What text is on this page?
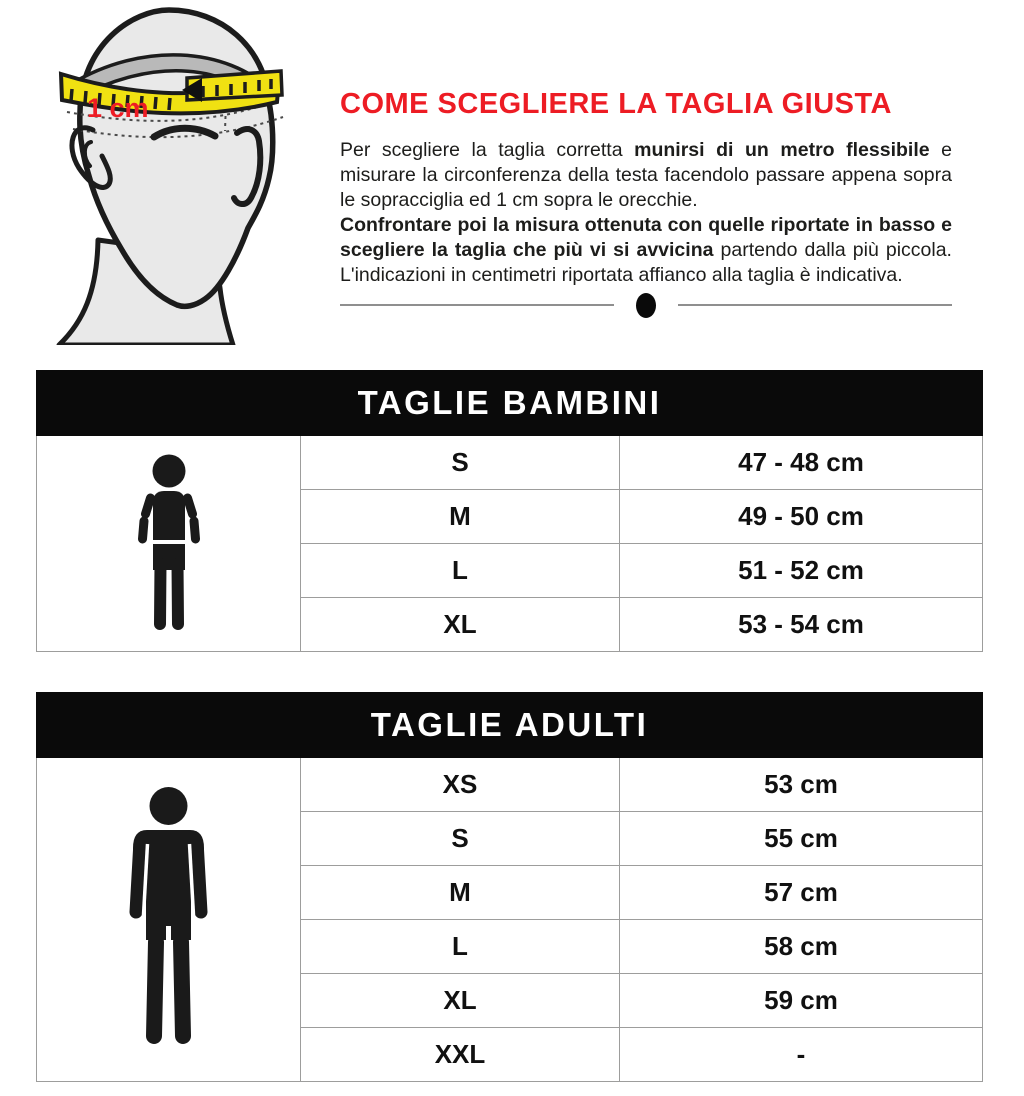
1 cm	COME SCEGLIERE LA TAGLIA GIUSTA

Per scegliere la taglia corretta munirsi di un metro flessibile e misurare la circonferenza della testa facendolo passare appena sopra le sopracciglia ed 1 cm sopra le orecchie.
Confrontare poi la misura ottenuta con quelle riportate in basso e scegliere la taglia che più vi si avvicina partendo dalla più piccola. L'indicazioni in centimetri riportata affianco alla taglia è indicativa.

TAGLIE BAMBINI
S	47 - 48 cm
M	49 - 50 cm
L	51 - 52 cm
XL	53 - 54 cm
TAGLIE ADULTI
XS	53 cm
S	55 cm
M	57 cm
L	58 cm
XL	59 cm
XXL	-
